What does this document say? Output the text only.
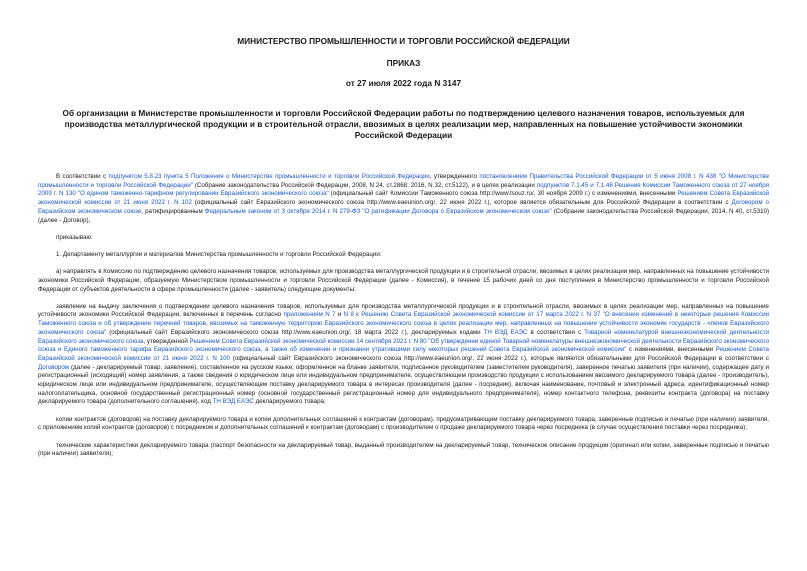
МИНИСТЕРСТВО ПРОМЫШЛЕННОСТИ И ТОРГОВЛИ РОССИЙСКОЙ ФЕДЕРАЦИИ
ПРИКАЗ
от 27 июля 2022 года N 3147
Об организации в Министерстве промышленности и торговли Российской Федерации работы по подтверждению целевого назначения товаров, используемых для производства металлургической продукции и в строительной отрасли, ввозимых в целях реализации мер, направленных на повышение устойчивости экономики Российской Федерации

В соответствии с подпунктом 5.8.23 пункта 5 Положения о Министерстве промышленности и торговли Российской Федерации, утвержденного постановлением Правительства Российской Федерации от 5 июня 2008 г. N 438 "О Министерстве промышленности и торговли Российской Федерации" (Собрание законодательства Российской Федерации, 2008, N 24, ст.2868; 2016, N 32, ст.5122), и в целях реализации подпунктов 7.1.45 и 7.1.46 Решения Комиссии Таможенного союза от 27 ноября 2009 г. N 130 "О едином таможенно-тарифном регулировании Евразийского экономического союза" (официальный сайт Комиссии Таможенного союза http://www.tsouz.ru/, 30 ноября 2009 г.) с изменениями, внесенными Решением Совета Евразийской экономической комиссии от 21 июня 2022 г. N 102 (официальный сайт Евразийского экономического союза http://www.eaeunion.org/, 22 июня 2022 г.), которое является обязательным для Российской Федерации в соответствии с Договором о Евразийском экономическом союзе, ратифицированным Федеральным законом от 3 октября 2014 г. N 279-ФЗ "О ратификации Договора о Евразийском экономическом союзе" (Собрание законодательства Российской Федерации, 2014, N 40, ст.5310) (далее - Договор),

приказываю:

1. Департаменту металлургии и материалов Министерства промышленности и торговли Российской Федерации:

а) направлять в Комиссию по подтверждению целевого назначения товаров, используемых для производства металлургической продукции и в строительной отрасли, ввозимых в целях реализации мер, направленных на повышение устойчивости экономики Российской Федерации, образуемую Министерством промышленности и торговли Российской Федерации (далее - Комиссия), в течение 15 рабочих дней со дня поступления в Министерство промышленности и торговли Российской Федерации от субъектов деятельности в сфере промышленности (далее - заявитель) следующие документы:

заявление на выдачу заключения о подтверждении целевого назначения товаров, используемых для производства металлургической продукции и в строительной отрасли, ввозимых в целях реализации мер, направленных на повышение устойчивости экономики Российской Федерации, включенных в перечень согласно приложениям N 7 и N 8 к Решению Совета Евразийской экономической комиссии от 17 марта 2022 г. N 37 "О внесении изменений в некоторые решения Комиссии Таможенного союза и об утверждении перечней товаров, ввозимых на таможенную территорию Евразийского экономического союза в целях реализации мер, направленных на повышение устойчивости экономик государств - членов Евразийского экономического союза" (официальный сайт Евразийского экономического союза http://www.eaeunion.org/, 18 марта 2022 г.), декларируемых кодами ТН ВЭД ЕАЭС в соответствии с Товарной номенклатурой внешнеэкономической деятельности Евразийского экономического союза, утвержденной Решением Совета Евразийской экономической комиссии 14 сентября 2021 г. N 80 "Об утверждении единой Товарной номенклатуры внешнеэкономической деятельности Евразийского экономического союза и Единого таможенного тарифа Евразийского экономического союза, а также об изменении и признании утратившими силу некоторых решений Совета Евразийской экономической комиссии" с изменениями, внесенными Решением Совета Евразийской экономической комиссии от 21 июня 2022 г. N 100 (официальный сайт Евразийского экономического союза http://www.eaeunion.org/, 22 июня 2022 г.), которые являются обязательными для Российской Федерации в соответствии с Договором (далее - декларируемый товар, заявление), составленное на русском языке, оформленное на бланке заявителя, подписанное руководителем (заместителем руководителя), заверенное печатью заявителя (при наличии), содержащее дату и регистрационный (исходящий) номер заявления, а также сведения о юридическом лице или индивидуальном предпринимателе, осуществляющем производство продукции с использованием ввозимого декларируемого товара (далее - производитель), юридическом лице или индивидуальном предпринимателе, осуществляющем поставку декларируемого товара в интересах производителя (далее - посредник), включая наименование, почтовый и электронный адреса, идентификационный номер налогоплательщика, основной государственный регистрационный номер (основной государственный регистрационный номер для индивидуального предпринимателя), номер контактного телефона, реквизиты контракта (договора) на поставку декларируемого товара (дополнительного соглашения), код ТН ВЭД ЕАЭС декларируемого товара;

копии контрактов (договоров) на поставку декларируемого товара и копии дополнительных соглашений к контрактам (договорам), предусматривающим поставку декларируемого товара, заверенные подписью и печатью (при наличии) заявителя, с приложением копий контрактов (договоров) с посредником и дополнительных соглашений к контрактам (договорам) с производителем о продаже декларируемого товара через посредника (в случае осуществления поставки через посредника);

технические характеристики декларируемого товара (паспорт безопасности на декларируемый товар, выданный производителем на декларируемый товар, техническое описание продукции (оригинал или копии, заверенные подписью и печатью (при наличии) заявителя);
